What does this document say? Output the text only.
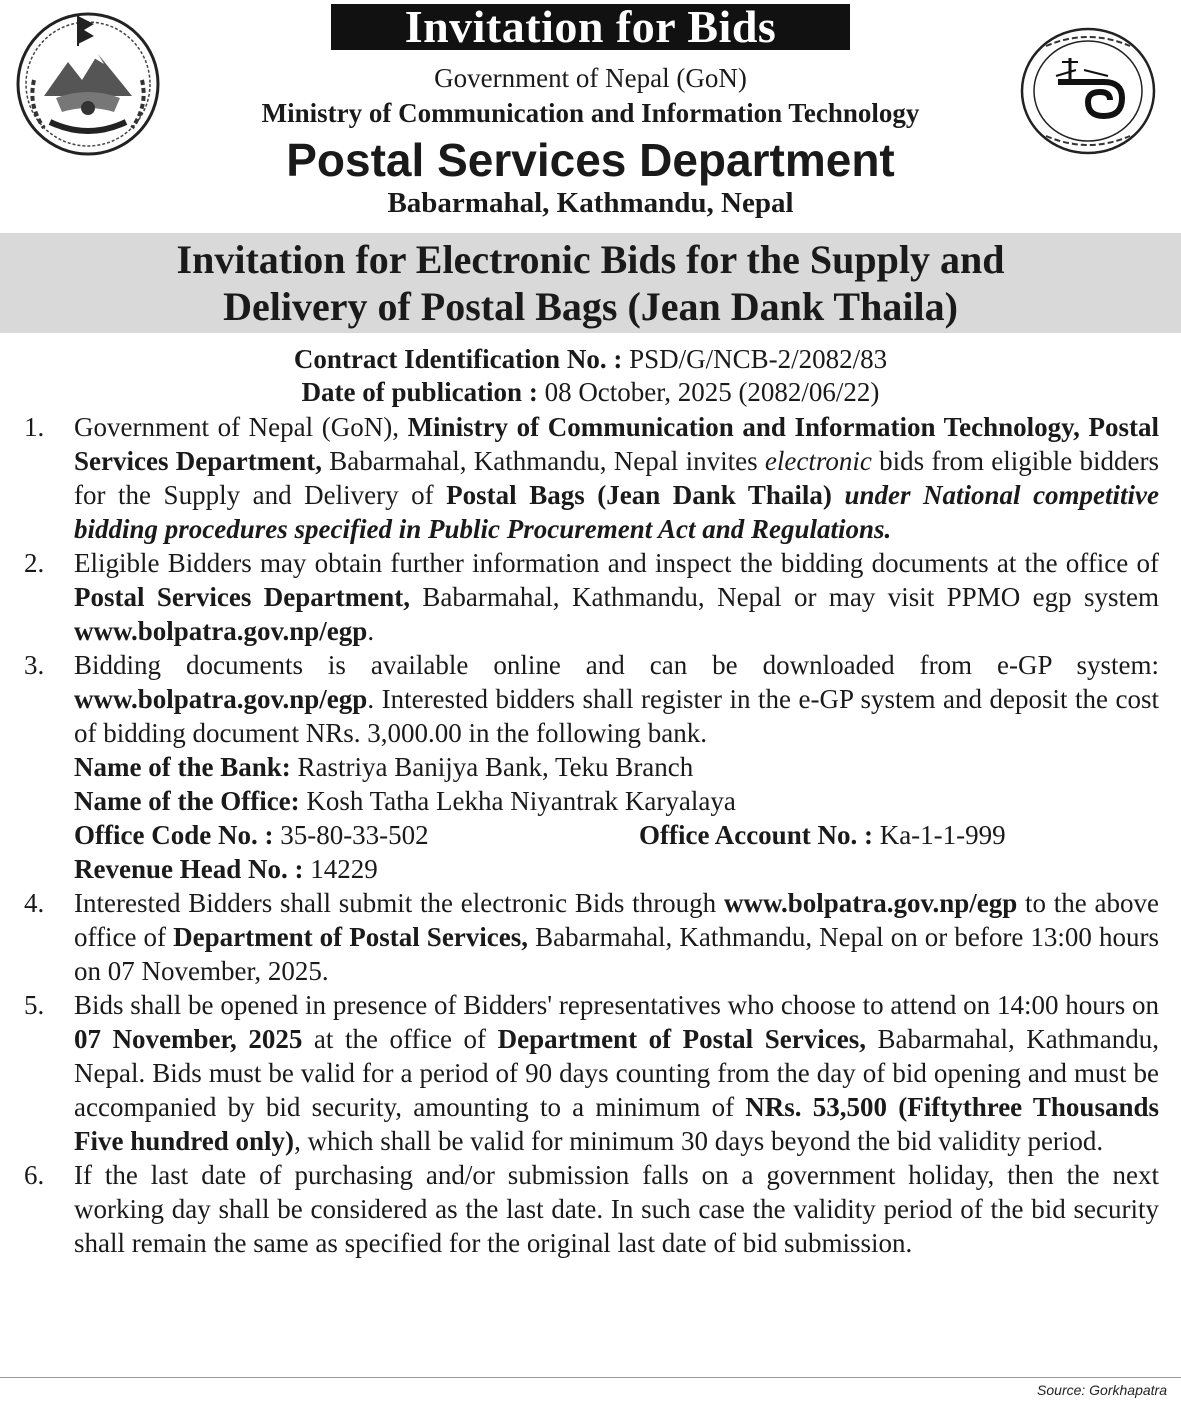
Invitation for Bids
Government of Nepal (GoN)
Ministry of Communication and Information Technology
Postal Services Department
Babarmahal, Kathmandu, Nepal
Invitation for Electronic Bids for the Supply and
Delivery of Postal Bags (Jean Dank Thaila)
Contract Identification No. : PSD/G/NCB-2/2082/83
Date of publication : 08 October, 2025 (2082/06/22)
1. Government of Nepal (GoN), Ministry of Communication and Information Technology, Postal Services Department, Babarmahal, Kathmandu, Nepal invites electronic bids from eligible bidders for the Supply and Delivery of Postal Bags (Jean Dank Thaila) under National competitive bidding procedures specified in Public Procurement Act and Regulations.

2. Eligible Bidders may obtain further information and inspect the bidding documents at the office of Postal Services Department, Babarmahal, Kathmandu, Nepal or may visit PPMO egp system www.bolpatra.gov.np/egp.

3. Bidding documents is available online and can be downloaded from e-GP system: www.bolpatra.gov.np/egp. Interested bidders shall register in the e-GP system and deposit the cost of bidding document NRs. 3,000.00 in the following bank.

Name of the Bank: Rastriya Banijya Bank, Teku Branch
Name of the Office: Kosh Tatha Lekha Niyantrak Karyalaya
Office Code No. : 35-80-33-502	Office Account No. : Ka-1-1-999
Revenue Head No. : 14229
4. Interested Bidders shall submit the electronic Bids through www.bolpatra.gov.np/egp to the above office of Department of Postal Services, Babarmahal, Kathmandu, Nepal on or before 13:00 hours on 07 November, 2025.

5. Bids shall be opened in presence of Bidders' representatives who choose to attend on 14:00 hours on 07 November, 2025 at the office of Department of Postal Services, Babarmahal, Kathmandu, Nepal. Bids must be valid for a period of 90 days counting from the day of bid opening and must be accompanied by bid security, amounting to a minimum of NRs. 53,500 (Fiftythree Thousands Five hundred only), which shall be valid for minimum 30 days beyond the bid validity period.

6. If the last date of purchasing and/or submission falls on a government holiday, then the next working day shall be considered as the last date. In such case the validity period of the bid security shall remain the same as specified for the original last date of bid submission.

Source: Gorkhapatra
